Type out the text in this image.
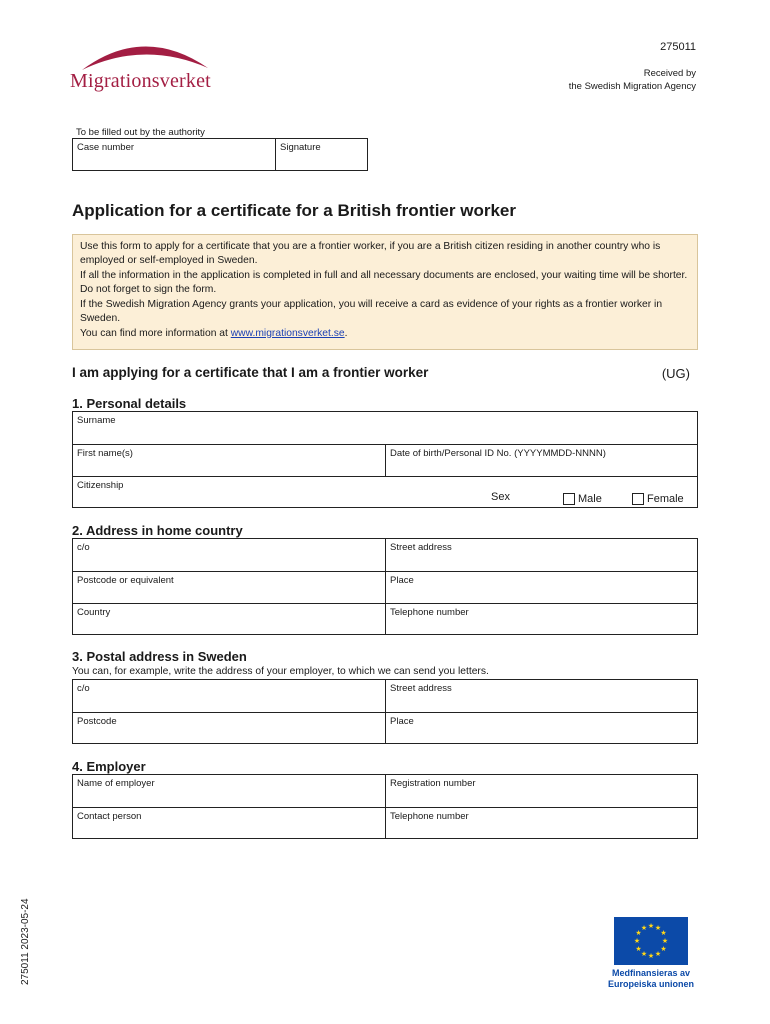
Migrationsverket
275011
Received by
the Swedish Migration Agency
To be filled out by the authority
Case number	Signature
Application for a certificate for a British frontier worker

Use this form to apply for a certificate that you are a frontier worker, if you are a British citizen residing in another country who is employed or self-employed in Sweden.

If all the information in the application is completed in full and all necessary documents are enclosed, your waiting time will be shorter. Do not forget to sign the form.

If the Swedish Migration Agency grants your application, you will receive a card as evidence of your rights as a frontier worker in Sweden.

You can find more information at www.migrationsverket.se.

I am applying for a certificate that I am a frontier worker	(UG)
1. Personal details
Surname
First name(s)	Date of birth/Personal ID No. (YYYYMMDD-NNNN)
Citizenship
Sex	Male	Female
2. Address in home country
c/o	Street address
Postcode or equivalent	Place
Country	Telephone number
3. Postal address in Sweden
You can, for example, write the address of your employer, to which we can send you letters.
c/o	Street address
Postcode	Place
4. Employer
Name of employer	Registration number
Contact person	Telephone number
275011 2023-05-24	★ ★
★
★
★
★
★
★
★
★
★
★
Medfinansieras av
Europeiska unionen
